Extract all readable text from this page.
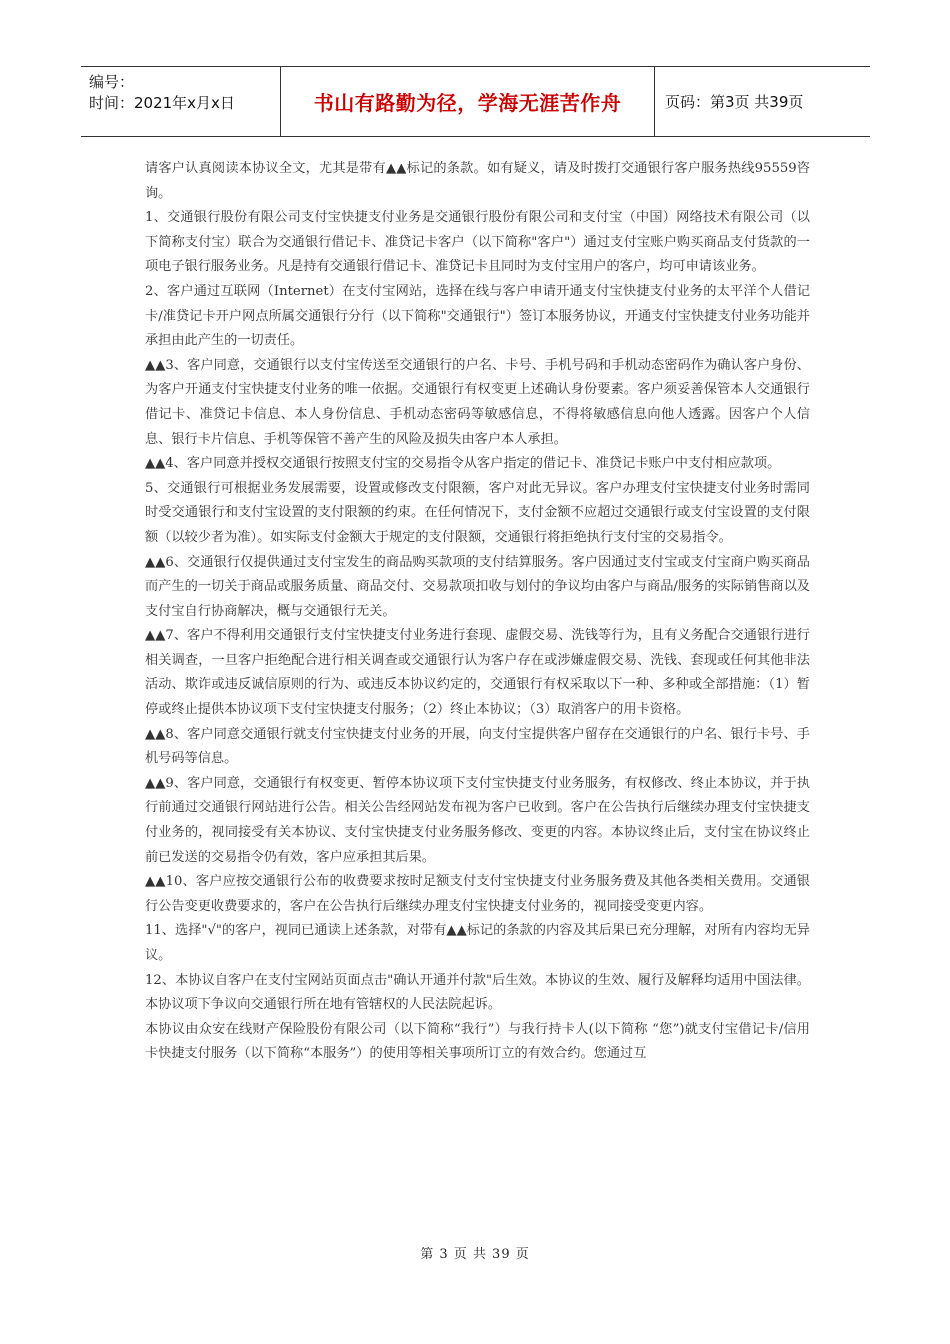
编号：
时间：2021年x月x日	书山有路勤为径，学海无涯苦作舟	页码：第3页 共39页

请客户认真阅读本协议全文，尤其是带有▲▲标记的条款。如有疑义，请及时拨打交通银行客户服务热线95559咨询。

1、交通银行股份有限公司支付宝快捷支付业务是交通银行股份有限公司和支付宝（中国）网络技术有限公司（以下简称支付宝）联合为交通银行借记卡、准贷记卡客户（以下简称"客户"）通过支付宝账户购买商品支付货款的一项电子银行服务业务。凡是持有交通银行借记卡、准贷记卡且同时为支付宝用户的客户，均可申请该业务。

2、客户通过互联网（Internet）在支付宝网站，选择在线与客户申请开通支付宝快捷支付业务的太平洋个人借记卡/准贷记卡开户网点所属交通银行分行（以下简称"交通银行"）签订本服务协议，开通支付宝快捷支付业务功能并承担由此产生的一切责任。

▲▲3、客户同意，交通银行以支付宝传送至交通银行的户名、卡号、手机号码和手机动态密码作为确认客户身份、为客户开通支付宝快捷支付业务的唯一依据。交通银行有权变更上述确认身份要素。客户须妥善保管本人交通银行借记卡、准贷记卡信息、本人身份信息、手机动态密码等敏感信息，不得将敏感信息向他人透露。因客户个人信息、银行卡片信息、手机等保管不善产生的风险及损失由客户本人承担。

▲▲4、客户同意并授权交通银行按照支付宝的交易指令从客户指定的借记卡、准贷记卡账户中支付相应款项。

5、交通银行可根据业务发展需要，设置或修改支付限额，客户对此无异议。客户办理支付宝快捷支付业务时需同时受交通银行和支付宝设置的支付限额的约束。在任何情况下，支付金额不应超过交通银行或支付宝设置的支付限额（以较少者为准）。如实际支付金额大于规定的支付限额，交通银行将拒绝执行支付宝的交易指令。

▲▲6、交通银行仅提供通过支付宝发生的商品购买款项的支付结算服务。客户因通过支付宝或支付宝商户购买商品而产生的一切关于商品或服务质量、商品交付、交易款项扣收与划付的争议均由客户与商品/服务的实际销售商以及支付宝自行协商解决，概与交通银行无关。

▲▲7、客户不得利用交通银行支付宝快捷支付业务进行套现、虚假交易、洗钱等行为，且有义务配合交通银行进行相关调查，一旦客户拒绝配合进行相关调查或交通银行认为客户存在或涉嫌虚假交易、洗钱、套现或任何其他非法活动、欺诈或违反诚信原则的行为、或违反本协议约定的，交通银行有权采取以下一种、多种或全部措施：（1）暂停或终止提供本协议项下支付宝快捷支付服务；（2）终止本协议；（3）取消客户的用卡资格。

▲▲8、客户同意交通银行就支付宝快捷支付业务的开展，向支付宝提供客户留存在交通银行的户名、银行卡号、手机号码等信息。

▲▲9、客户同意，交通银行有权变更、暂停本协议项下支付宝快捷支付业务服务，有权修改、终止本协议，并于执行前通过交通银行网站进行公告。相关公告经网站发布视为客户已收到。客户在公告执行后继续办理支付宝快捷支付业务的，视同接受有关本协议、支付宝快捷支付业务服务修改、变更的内容。本协议终止后，支付宝在协议终止前已发送的交易指令仍有效，客户应承担其后果。

▲▲10、客户应按交通银行公布的收费要求按时足额支付支付宝快捷支付业务服务费及其他各类相关费用。交通银行公告变更收费要求的，客户在公告执行后继续办理支付宝快捷支付业务的，视同接受变更内容。

11、选择"√"的客户，视同已通读上述条款，对带有▲▲标记的条款的内容及其后果已充分理解，对所有内容均无异议。

12、本协议自客户在支付宝网站页面点击"确认开通并付款"后生效。本协议的生效、履行及解释均适用中国法律。本协议项下争议向交通银行所在地有管辖权的人民法院起诉。

本协议由众安在线财产保险股份有限公司（以下简称“我行”）与我行持卡人(以下简称 “您”)就支付宝借记卡/信用卡快捷支付服务（以下简称“本服务”）的使用等相关事项所订立的有效合约。您通过互

第 3 页 共 39 页
